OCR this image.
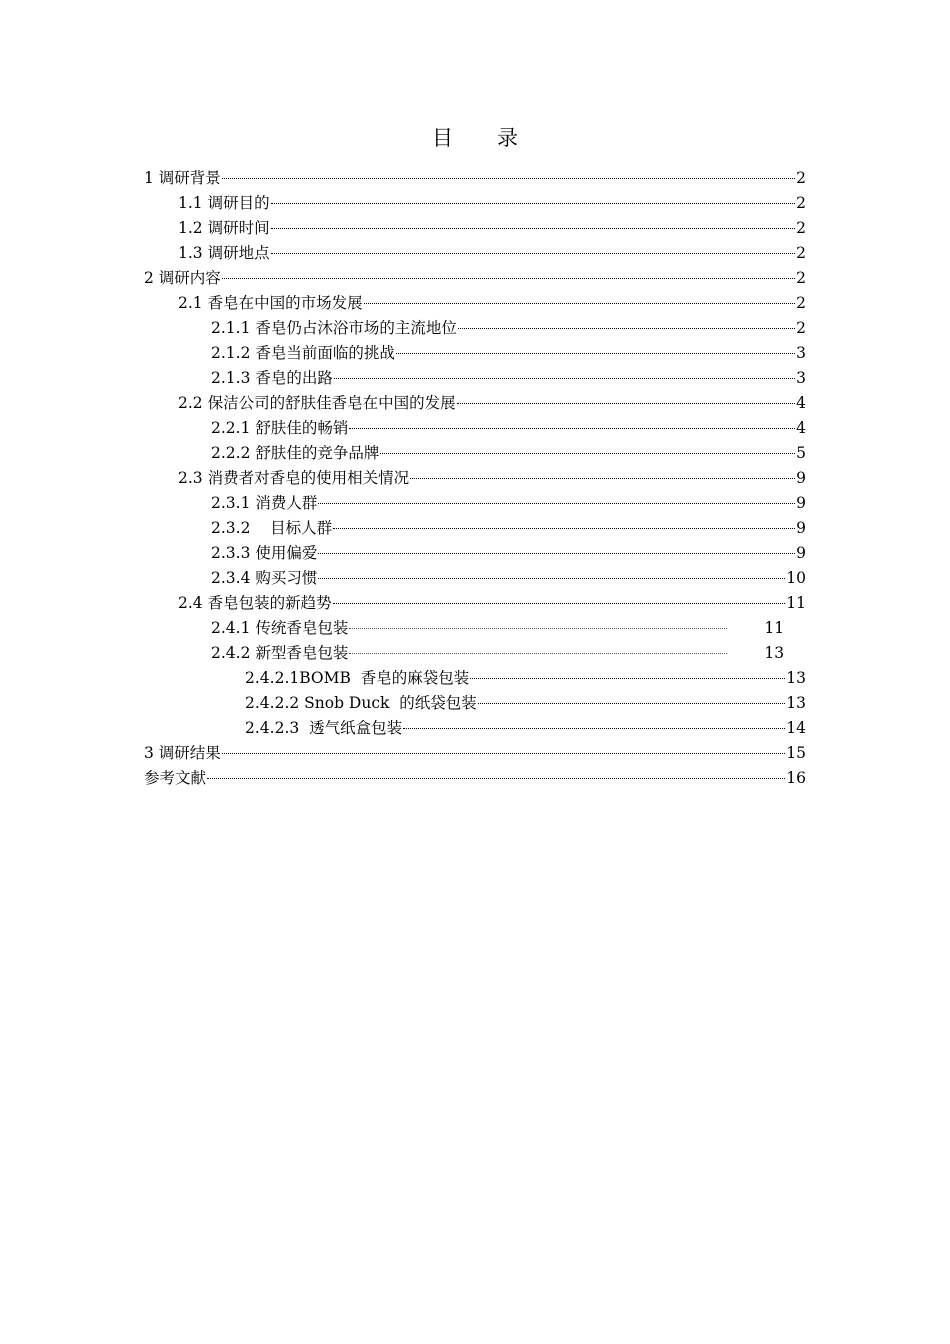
目 录
1 调研背景	2
1.1 调研目的	2
1.2 调研时间	2
1.3 调研地点	2
2 调研内容	2
2.1 香皂在中国的市场发展	2
2.1.1 香皂仍占沐浴市场的主流地位	2
2.1.2 香皂当前面临的挑战	3
2.1.3 香皂的出路	3
2.2 保洁公司的舒肤佳香皂在中国的发展	4
2.2.1 舒肤佳的畅销	4
2.2.2 舒肤佳的竞争品牌	5
2.3 消费者对香皂的使用相关情况	9
2.3.1 消费人群	9
2.3.2    目标人群	9
2.3.3 使用偏爱	9
2.3.4 购买习惯	10
2.4 香皂包装的新趋势	11
2.4.1 传统香皂包装	11
2.4.2 新型香皂包装	13
2.4.2.1BOMB  香皂的麻袋包装	13
2.4.2.2 Snob Duck  的纸袋包装	13
2.4.2.3  透气纸盒包装	14
3 调研结果	15
参考文献	16
